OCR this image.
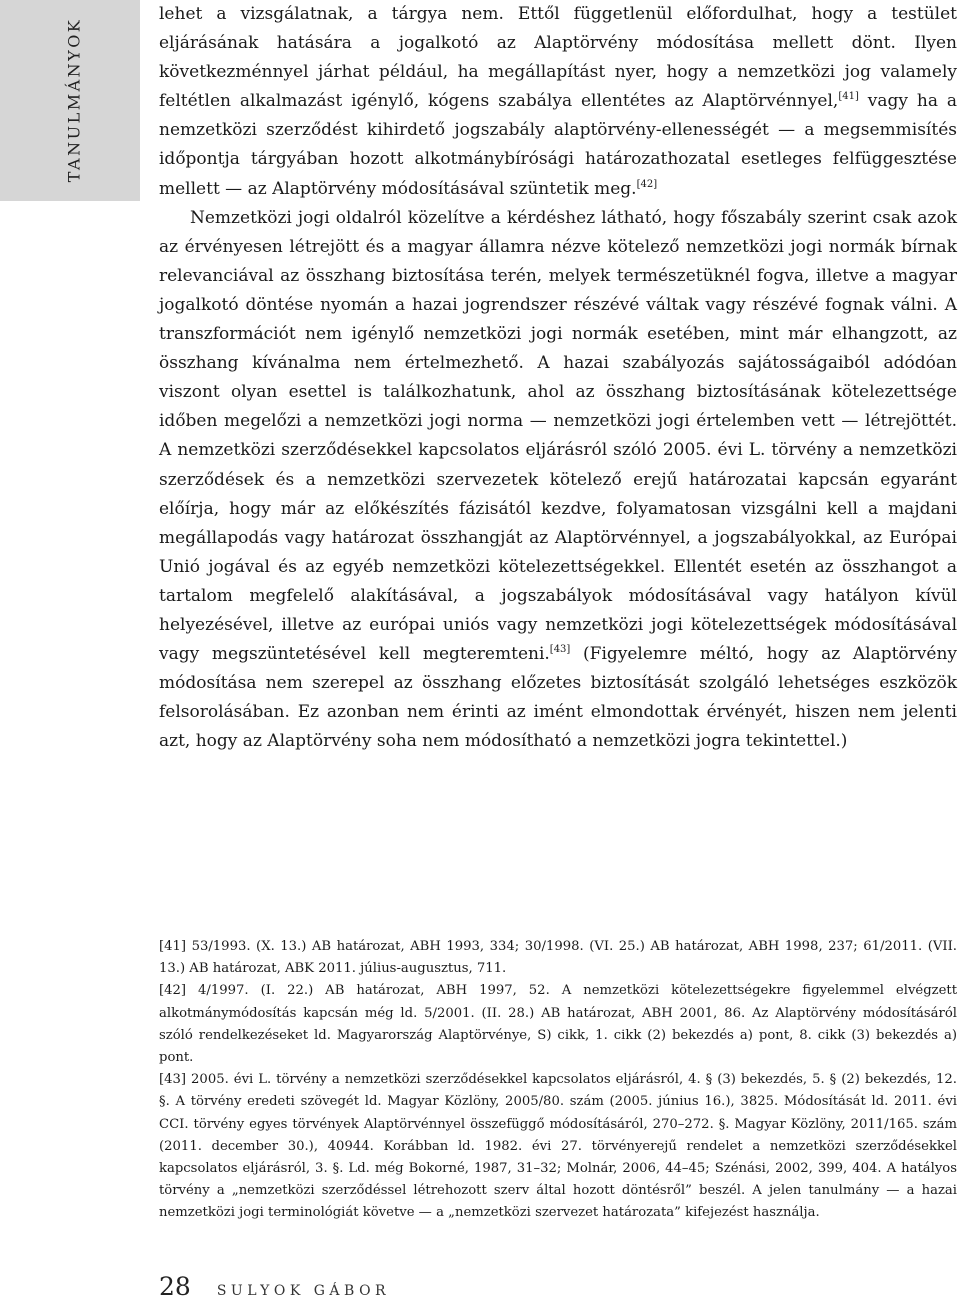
TANULMÁNYOK

lehet a vizsgálatnak, a tárgya nem. Ettől függetlenül előfordulhat, hogy a testület eljárásának hatására a jogalkotó az Alaptörvény módosítása mellett dönt. Ilyen következménnyel járhat például, ha megállapítást nyer, hogy a nemzetközi jog valamely feltétlen alkalmazást igénylő, kógens szabálya ellentétes az Alaptörvénnyel,[41] vagy ha a nemzetközi szerződést kihirdető jogszabály alaptörvény-ellenességét — a megsemmisítés időpontja tárgyában hozott alkotmánybírósági határozathozatal esetleges felfüggesztése mellett — az Alaptörvény módosításával szüntetik meg.[42]

Nemzetközi jogi oldalról közelítve a kérdéshez látható, hogy főszabály szerint csak azok az érvényesen létrejött és a magyar államra nézve kötelező nemzetközi jogi normák bírnak relevanciával az összhang biztosítása terén, melyek természetüknél fogva, illetve a magyar jogalkotó döntése nyomán a hazai jogrendszer részévé váltak vagy részévé fognak válni. A transzformációt nem igénylő nemzetközi jogi normák esetében, mint már elhangzott, az összhang kívánalma nem értelmezhető. A hazai szabályozás sajátosságaiból adódóan viszont olyan esettel is találkozhatunk, ahol az összhang biztosításának kötelezettsége időben megelőzi a nemzetközi jogi norma — nemzetközi jogi értelemben vett — létrejöttét. A nemzetközi szerződésekkel kapcsolatos eljárásról szóló 2005. évi L. törvény a nemzetközi szerződések és a nemzetközi szervezetek kötelező erejű határozatai kapcsán egyaránt előírja, hogy már az előkészítés fázisától kezdve, folyamatosan vizsgálni kell a majdani megállapodás vagy határozat összhangját az Alaptörvénnyel, a jogszabályokkal, az Európai Unió jogával és az egyéb nemzetközi kötelezettségekkel. Ellentét esetén az összhangot a tartalom megfelelő alakításával, a jogszabályok módosításával vagy hatályon kívül helyezésével, illetve az európai uniós vagy nemzetközi jogi kötelezettségek módosításával vagy megszüntetésével kell megteremteni.[43] (Figyelemre méltó, hogy az Alaptörvény módosítása nem szerepel az összhang előzetes biztosítását szolgáló lehetséges eszközök felsorolásában. Ez azonban nem érinti az imént elmondottak érvényét, hiszen nem jelenti azt, hogy az Alaptörvény soha nem módosítható a nemzetközi jogra tekintettel.)

[41] 53/1993. (X. 13.) AB határozat, ABH 1993, 334; 30/1998. (VI. 25.) AB határozat, ABH 1998, 237; 61/2011. (VII. 13.) AB határozat, ABK 2011. július-augusztus, 711.

[42] 4/1997. (I. 22.) AB határozat, ABH 1997, 52. A nemzetközi kötelezettségekre figyelemmel elvégzett alkotmánymódosítás kapcsán még ld. 5/2001. (II. 28.) AB határozat, ABH 2001, 86. Az Alaptörvény módosításáról szóló rendelkezéseket ld. Magyarország Alaptörvénye, S) cikk, 1. cikk (2) bekezdés a) pont, 8. cikk (3) bekezdés a) pont.

[43] 2005. évi L. törvény a nemzetközi szerződésekkel kapcsolatos eljárásról, 4. § (3) bekezdés, 5. § (2) bekezdés, 12. §. A törvény eredeti szövegét ld. Magyar Közlöny, 2005/80. szám (2005. június 16.), 3825. Módosítását ld. 2011. évi CCI. törvény egyes törvények Alaptörvénnyel összefüggő módosításáról, 270–272. §. Magyar Közlöny, 2011/165. szám (2011. december 30.), 40944. Korábban ld. 1982. évi 27. törvényerejű rendelet a nemzetközi szerződésekkel kapcsolatos eljárásról, 3. §. Ld. még Bokorné, 1987, 31–32; Molnár, 2006, 44–45; Szénási, 2002, 399, 404. A hatályos törvény a „nemzetközi szerződéssel létrehozott szerv által hozott döntésről” beszél. A jelen tanulmány — a hazai nemzetközi jogi terminológiát követve — a „nemzetközi szervezet határozata” kifejezést használja.

28 SULYOK GÁBOR
